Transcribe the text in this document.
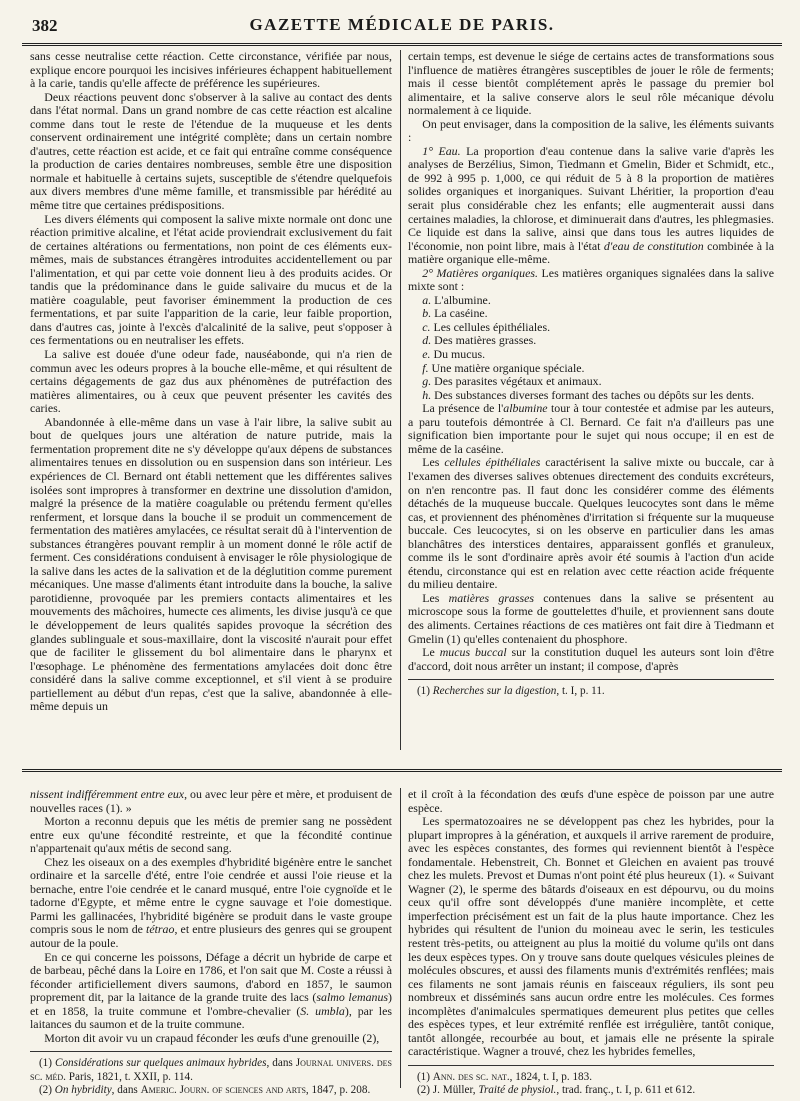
382	GAZETTE MÉDICALE DE PARIS.

sans cesse neutralise cette réaction. Cette circonstance, vérifiée par nous, explique encore pourquoi les incisives inférieures échappent habituellement à la carie, tandis qu'elle affecte de préférence les supérieures.

Deux réactions peuvent donc s'observer à la salive au contact des dents dans l'état normal. Dans un grand nombre de cas cette réaction est alcaline comme dans tout le reste de l'étendue de la muqueuse et les dents conservent ordinairement une intégrité complète; dans un certain nombre d'autres, cette réaction est acide, et ce fait qui entraîne comme conséquence la production de caries dentaires nombreuses, semble être une disposition normale et habituelle à certains sujets, susceptible de s'étendre quelquefois aux divers membres d'une même famille, et transmissible par hérédité au même titre que certaines prédispositions.

Les divers éléments qui composent la salive mixte normale ont donc une réaction primitive alcaline, et l'état acide proviendrait exclusivement du fait de certaines altérations ou fermentations, non point de ces éléments eux-mêmes, mais de substances étrangères introduites accidentellement ou par l'alimentation, et qui par cette voie donnent lieu à des produits acides. Or tandis que la prédominance dans le guide salivaire du mucus et de la matière coagulable, peut favoriser éminemment la production de ces fermentations, et par suite l'apparition de la carie, leur faible proportion, dans d'autres cas, jointe à l'excès d'alcalinité de la salive, peut s'opposer à ces fermentations ou en neutraliser les effets.

La salive est douée d'une odeur fade, nauséabonde, qui n'a rien de commun avec les odeurs propres à la bouche elle-même, et qui résultent de certains dégagements de gaz dus aux phénomènes de putréfaction des matières alimentaires, ou à ceux que peuvent présenter les cavités des caries.

Abandonnée à elle-même dans un vase à l'air libre, la salive subit au bout de quelques jours une altération de nature putride, mais la fermentation proprement dite ne s'y développe qu'aux dépens de substances alimentaires tenues en dissolution ou en suspension dans son intérieur. Les expériences de Cl. Bernard ont établi nettement que les différentes salives isolées sont impropres à transformer en dextrine une dissolution d'amidon, malgré la présence de la matière coagulable ou prétendu ferment qu'elles renferment, et lorsque dans la bouche il se produit un commencement de fermentation des matières amylacées, ce résultat serait dû à l'intervention de substances étrangères pouvant remplir à un moment donné le rôle actif de ferment. Ces considérations conduisent à envisager le rôle physiologique de la salive dans les actes de la salivation et de la déglutition comme purement mécaniques. Une masse d'aliments étant introduite dans la bouche, la salive parotidienne, provoquée par les premiers contacts alimentaires et les mouvements des mâchoires, humecte ces aliments, les divise jusqu'à ce que le développement de leurs qualités sapides provoque la sécrétion des glandes sublinguale et sous-maxillaire, dont la viscosité n'aurait pour effet que de faciliter le glissement du bol alimentaire dans le pharynx et l'œsophage. Le phénomène des fermentations amylacées doit donc être considéré dans la salive comme exceptionnel, et s'il vient à se produire partiellement au début d'un repas, c'est que la salive, abandonnée à elle-même depuis un

certain temps, est devenue le siége de certains actes de transformations sous l'influence de matières étrangères susceptibles de jouer le rôle de ferments; mais il cesse bientôt complétement après le passage du premier bol alimentaire, et la salive conserve alors le seul rôle mécanique dévolu normalement à ce liquide.

On peut envisager, dans la composition de la salive, les éléments suivants :

1° Eau. La proportion d'eau contenue dans la salive varie d'après les analyses de Berzélius, Simon, Tiedmann et Gmelin, Bider et Schmidt, etc., de 992 à 995 p. 1,000, ce qui réduit de 5 à 8 la proportion de matières solides organiques et inorganiques. Suivant Lhéritier, la proportion d'eau serait plus considérable chez les enfants; elle augmenterait aussi dans certaines maladies, la chlorose, et diminuerait dans d'autres, les phlegmasies. Ce liquide est dans la salive, ainsi que dans tous les autres liquides de l'économie, non point libre, mais à l'état d'eau de constitution combinée à la matière organique elle-même.

2° Matières organiques. Les matières organiques signalées dans la salive mixte sont :

a. L'albumine.

b. La caséine.

c. Les cellules épithéliales.

d. Des matières grasses.

e. Du mucus.

f. Une matière organique spéciale.

g. Des parasites végétaux et animaux.

h. Des substances diverses formant des taches ou dépôts sur les dents.

La présence de l'albumine tour à tour contestée et admise par les auteurs, a paru toutefois démontrée à Cl. Bernard. Ce fait n'a d'ailleurs pas une signification bien importante pour le sujet qui nous occupe; il en est de même de la caséine.

Les cellules épithéliales caractérisent la salive mixte ou buccale, car à l'examen des diverses salives obtenues directement des conduits excréteurs, on n'en rencontre pas. Il faut donc les considérer comme des éléments détachés de la muqueuse buccale. Quelques leucocytes sont dans le même cas, et proviennent des phénomènes d'irritation si fréquente sur la muqueuse buccale. Ces leucocytes, si on les observe en particulier dans les amas blanchâtres des interstices dentaires, apparaissent gonflés et granuleux, comme ils le sont d'ordinaire après avoir été soumis à l'action d'un acide étendu, circonstance qui est en relation avec cette réaction acide fréquente du milieu dentaire.

Les matières grasses contenues dans la salive se présentent au microscope sous la forme de gouttelettes d'huile, et proviennent sans doute des aliments. Certaines réactions de ces matières ont fait dire à Tiedmann et Gmelin (1) qu'elles contenaient du phosphore.

Le mucus buccal sur la constitution duquel les auteurs sont loin d'être d'accord, doit nous arrêter un instant; il compose, d'après

(1) Recherches sur la digestion, t. I, p. 11.

nissent indifféremment entre eux, ou avec leur père et mère, et produisent de nouvelles races (1). »

Morton a reconnu depuis que les métis de premier sang ne possèdent entre eux qu'une fécondité restreinte, et que la fécondité continue n'appartenait qu'aux métis de second sang.

Chez les oiseaux on a des exemples d'hybridité bigénère entre le sanchet ordinaire et la sarcelle d'été, entre l'oie cendrée et aussi l'oie rieuse et la bernache, entre l'oie cendrée et le canard musqué, entre l'oie cygnoïde et le tadorne d'Egypte, et même entre le cygne sauvage et l'oie domestique. Parmi les gallinacées, l'hybridité bigénère se produit dans le vaste groupe compris sous le nom de tétrao, et entre plusieurs des genres qui se groupent autour de la poule.

En ce qui concerne les poissons, Défage a décrit un hybride de carpe et de barbeau, pêché dans la Loire en 1786, et l'on sait que M. Coste a réussi à féconder artificiellement divers saumons, d'abord en 1857, le saumon proprement dit, par la laitance de la grande truite des lacs (salmo lemanus) et en 1858, la truite commune et l'ombre-chevalier (S. umbla), par les laitances du saumon et de la truite commune.

Morton dit avoir vu un crapaud féconder les œufs d'une grenouille (2),

(1) Considérations sur quelques animaux hybrides, dans Journal univers. des sc. méd. Paris, 1821, t. XXII, p. 114.

(2) On hybridity, dans Americ. Journ. of sciences and arts, 1847, p. 208.

et il croît à la fécondation des œufs d'une espèce de poisson par une autre espèce.

Les spermatozoaires ne se développent pas chez les hybrides, pour la plupart impropres à la génération, et auxquels il arrive rarement de produire, avec les espèces constantes, des formes qui reviennent bientôt à l'espèce fondamentale. Hebenstreit, Ch. Bonnet et Gleichen en avaient pas trouvé chez les mulets. Prevost et Dumas n'ont point été plus heureux (1). « Suivant Wagner (2), le sperme des bâtards d'oiseaux en est dépourvu, ou du moins ceux qu'il offre sont développés d'une manière incomplète, et cette imperfection précisément est un fait de la plus haute importance. Chez les hybrides qui résultent de l'union du moineau avec le serin, les testicules restent très-petits, ou atteignent au plus la moitié du volume qu'ils ont dans les deux espèces types. On y trouve sans doute quelques vésicules pleines de molécules obscures, et aussi des filaments munis d'extrémités renflées; mais ces filaments ne sont jamais réunis en faisceaux réguliers, ils sont peu nombreux et disséminés sans aucun ordre entre les molécules. Ces formes incomplètes d'animalcules spermatiques demeurent plus petites que celles des espèces types, et leur extrémité renflée est irrégulière, tantôt conique, tantôt allongée, recourbée au bout, et jamais elle ne présente la spirale caractéristique. Wagner a trouvé, chez les hybrides femelles,

(1) Ann. des sc. nat., 1824, t. I, p. 183.

(2) J. Müller, Traité de physiol., trad. franç., t. I, p. 611 et 612.
